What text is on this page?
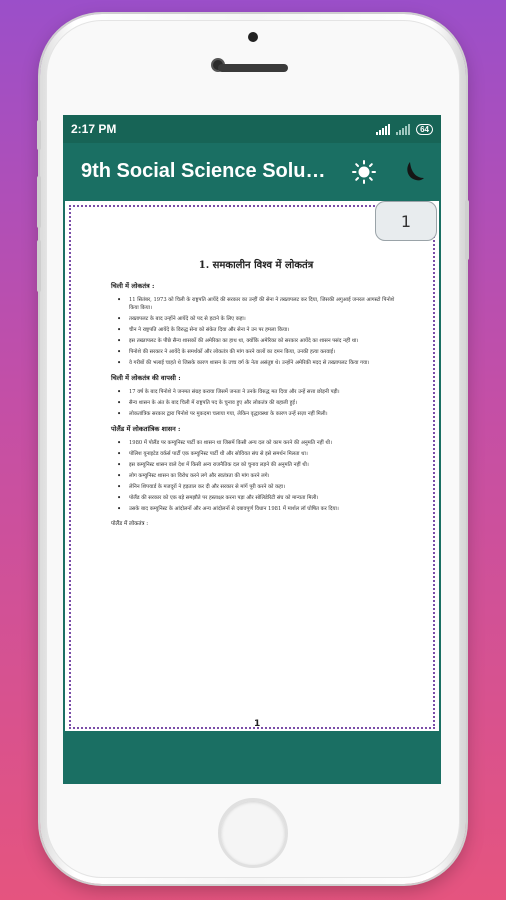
2:17 PM	64
9th Social Science Solu…
1. समकालीन विश्व में लोकतंत्र
चिली में लोकतंत्र :
• 11 सितंबर, 1973 को चिली के राष्ट्रपति आयेंदे की सरकार का उन्हीं की सेना ने तख्तापलट कर दिया, जिसकी अगुआई जनरल आगस्टो पिनोशे किया किया।
• तख्तापलट के बाद उन्होंने आयेंदे को पद से हटाने के लिए कहा।
• चीन ने राष्ट्रपति आयेंदे के विरुद्ध सेना को संकेत दिया और सेना ने उन पर हमला किया।
• इस तख्तापलट के पीछे सैन्य शासकों की अमेरिका का हाथ था, क्योंकि अमेरिका को सरकार आयेंदे का शासन पसंद नहीं था।
• पिनोशे की सरकार ने आयेंदे के समर्थकों और लोकतंत्र की मांग करने वालों का दमन किया, उनकी हत्या करवाई।
• वे गरीबों की भलाई चाहते थे जिसके कारण शासन के उच्च वर्ग के नेता असंतुष्ट थे। उन्होंने अमेरिकी मदद से तख्तापलट किया गया।
चिली में लोकतंत्र की वापसी :
• 17 वर्ष के बाद पिनोशे ने जनमत संग्रह कराया जिसमें जनता ने उनके विरुद्ध मत दिया और उन्हें सत्ता छोड़नी पड़ी।
• सैन्य शासन के अंत के बाद चिली में राष्ट्रपति पद के चुनाव हुए और लोकतंत्र की बहाली हुई।
• लोकतांत्रिक सरकार द्वारा पिनोशे पर मुकदमा चलाया गया, लेकिन वृद्धावस्था के कारण उन्हें सज़ा नहीं मिली।
पोलैंड में लोकतांत्रिक शासन :
• 1980 में पोलैंड पर कम्युनिस्ट पार्टी का शासन था जिसमें किसी अन्य दल को काम करने की अनुमति नहीं थी।
• पोलिश यूनाइटेड वर्कर्स पार्टी एक कम्युनिस्ट पार्टी थी और सोवियत संघ से इसे समर्थन मिलता था।
• इस कम्युनिस्ट शासन वाले देश में किसी अन्य राजनैतिक दल को चुनाव लड़ने की अनुमति नहीं थी।
• लोग कम्युनिस्ट शासन का विरोध करने लगे और स्वतंत्रता की मांग करने लगे।
• लेनिन शिपयार्ड के मजदूरों ने हड़ताल कर दी और सरकार से मांगें पूरी करने को कहा।
• पोलैंड की सरकार को एक बड़े समझौते पर हस्ताक्षर करना पड़ा और सोलिडेरिटी संघ को मान्यता मिली।
• उसके बाद कम्युनिस्ट के आंदोलनों और अन्य आंदोलनों से दबावपूर्ण विधान 1981 में मार्शल लॉ घोषित कर दिया।
पोलैंड में लोकतंत्र :
1
1
